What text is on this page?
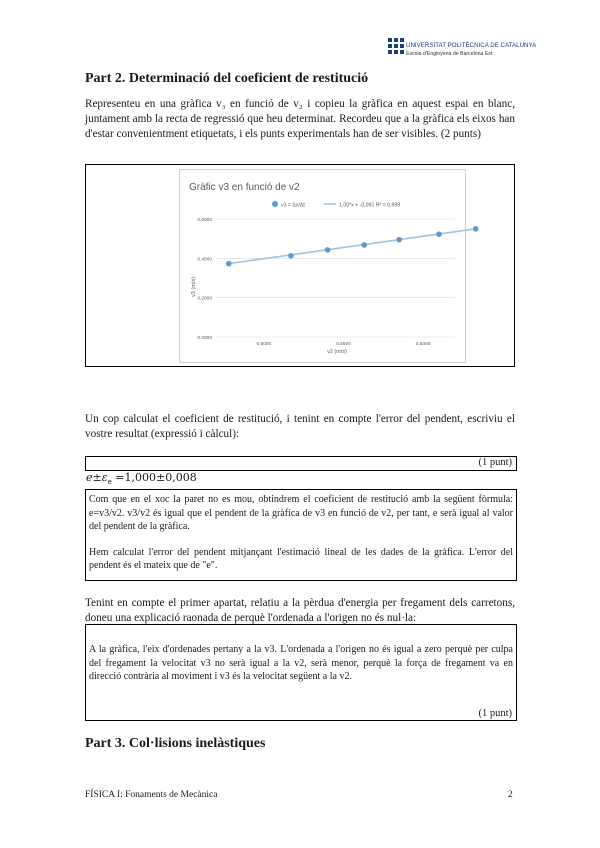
UNIVERSITAT POLITÈCNICA DE CATALUNYA
Escola d'Enginyeria de Barcelona Est
Part 2. Determinació del coeficient de restitució
Representeu en una gràfica v₃ en funció de v₂ i copieu la gràfica en aquest espai en blanc, juntament amb la recta de regressió que heu determinat. Recordeu que a la gràfica els eixos han d'estar convenientment etiquetats, i els punts experimentals han de ser visibles. (2 punts)
Gràfic v3 en funció de v2
v3 = Δx/Δt	1,00*x + -0,091 R² = 0,999
0,0000
0,2000
0,4000
0,6000
0,5000	0,5500	0,6000
v3 (m/s)
v2 (m/s)
Un cop calculat el coeficient de restitució, i tenint en compte l'error del pendent, escriviu el vostre resultat (expressió i càlcul):
(1 punt)
$e\pm\varepsilon_e =1,000\pm 0,008$
Com que en el xoc la paret no es mou, obtindrem el coeficient de restitució amb la següent fòrmula: e=v3/v2. v3/v2 és igual que el pendent de la gràfica de v3 en funció de v2, per tant, e serà igual al valor del pendent de la gràfica.
Hem calculat l'error del pendent mitjançant l'estimació lineal de les dades de la gràfica. L'error del pendent és el mateix que de "e".
Tenint en compte el primer apartat, relatiu a la pèrdua d'energia per fregament dels carretons, doneu una explicació raonada de perquè l'ordenada a l'origen no és nul·la:
A la gràfica, l'eix d'ordenades pertany a la v3. L'ordenada a l'origen no és igual a zero perquè per culpa del fregament la velocitat v3 no serà igual a la v2, serà menor, perquè la força de fregament va en direcció contrària al moviment i v3 és la velocitat següent a la v2.
(1 punt)
Part 3. Col·lisions inelàstiques
FÍSICA I: Fonaments de Mecànica	2
